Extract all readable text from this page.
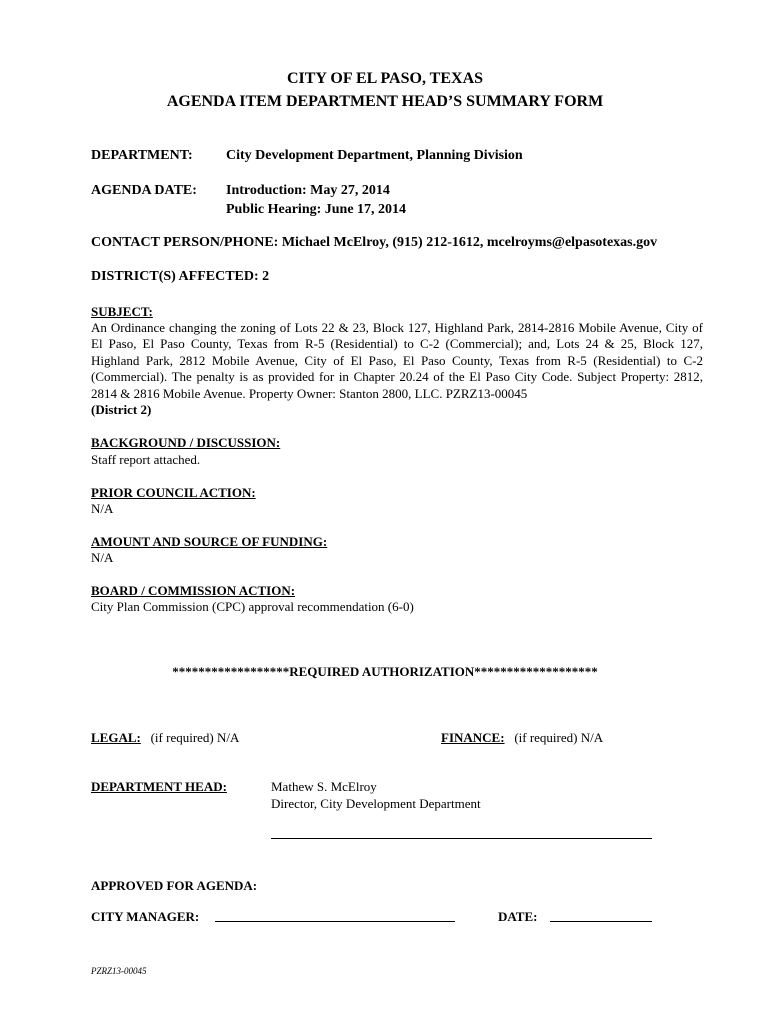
CITY OF EL PASO, TEXAS
AGENDA ITEM DEPARTMENT HEAD’S SUMMARY FORM
DEPARTMENT: City Development Department, Planning Division
AGENDA DATE: Introduction: May 27, 2014
Public Hearing: June 17, 2014
CONTACT PERSON/PHONE: Michael McElroy, (915) 212-1612, mcelroyms@elpasotexas.gov
DISTRICT(S) AFFECTED: 2
SUBJECT:
An Ordinance changing the zoning of Lots 22 & 23, Block 127, Highland Park, 2814-2816 Mobile Avenue, City of El Paso, El Paso County, Texas from R-5 (Residential) to C-2 (Commercial); and, Lots 24 & 25, Block 127, Highland Park, 2812 Mobile Avenue, City of El Paso, El Paso County, Texas from R-5 (Residential) to C-2 (Commercial). The penalty is as provided for in Chapter 20.24 of the El Paso City Code. Subject Property: 2812, 2814 & 2816 Mobile Avenue. Property Owner: Stanton 2800, LLC. PZRZ13-00045
(District 2)
BACKGROUND / DISCUSSION:
Staff report attached.
PRIOR COUNCIL ACTION:
N/A
AMOUNT AND SOURCE OF FUNDING:
N/A
BOARD / COMMISSION ACTION:
City Plan Commission (CPC) approval recommendation (6-0)
******************REQUIRED AUTHORIZATION*******************
LEGAL: (if required) N/A	FINANCE: (if required) N/A
DEPARTMENT HEAD:	Mathew S. McElroy
Director, City Development Department
APPROVED FOR AGENDA:
CITY MANAGER:	DATE:
PZRZ13-00045
